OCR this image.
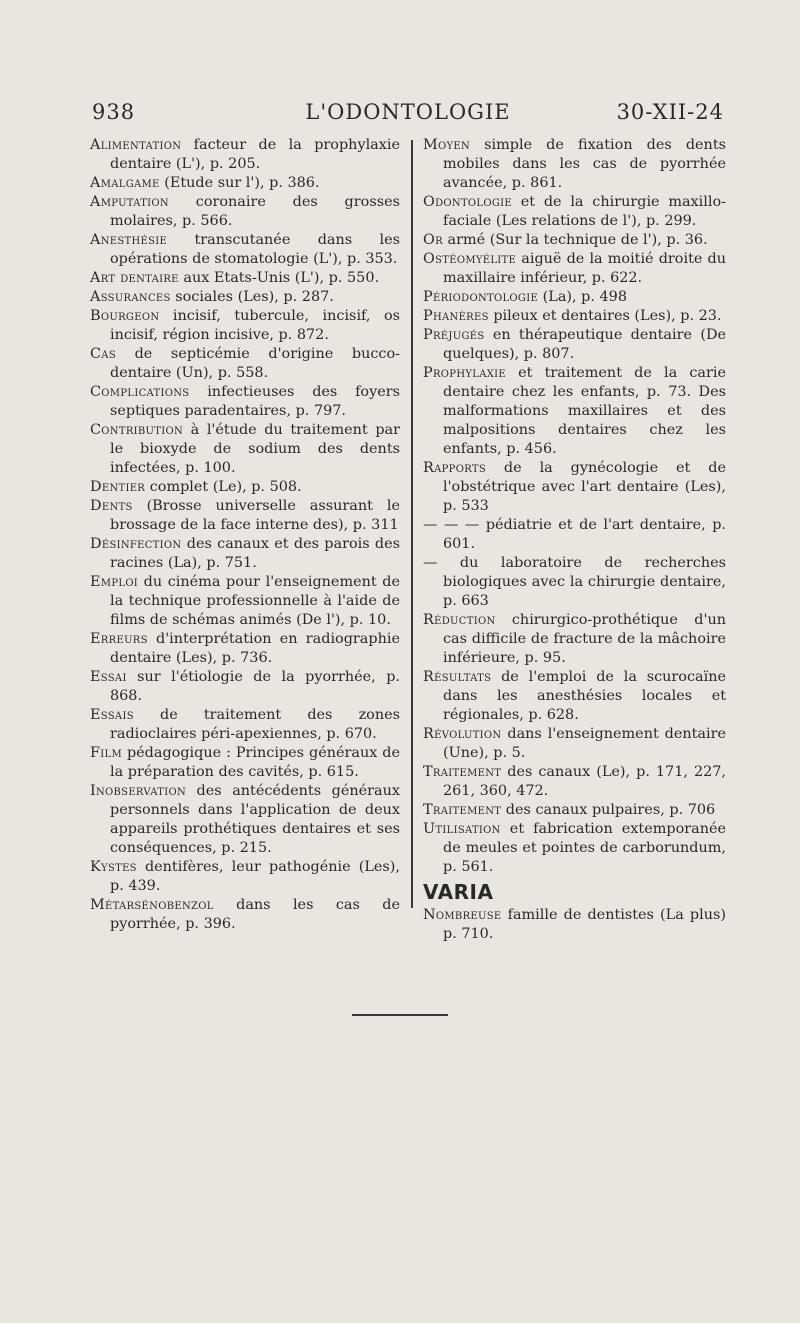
938	L'ODONTOLOGIE	30-XII-24
Alimentation facteur de la prophylaxie dentaire (L'), p. 205.
Amalgame (Etude sur l'), p. 386.
Amputation coronaire des grosses molaires, p. 566.
Anesthésie transcutanée dans les opérations de stomatologie (L'), p. 353.
Art dentaire aux Etats-Unis (L'), p. 550.
Assurances sociales (Les), p. 287.
Bourgeon incisif, tubercule, incisif, os incisif, région incisive, p. 872.
Cas de septicémie d'origine bucco-dentaire (Un), p. 558.
Complications infectieuses des foyers septiques paradentaires, p. 797.
Contribution à l'étude du traitement par le bioxyde de sodium des dents infectées, p. 100.
Dentier complet (Le), p. 508.
Dents (Brosse universelle assurant le brossage de la face interne des), p. 311
Désinfection des canaux et des parois des racines (La), p. 751.
Emploi du cinéma pour l'enseignement de la technique professionnelle à l'aide de films de schémas animés (De l'), p. 10.
Erreurs d'interprétation en radiographie dentaire (Les), p. 736.
Essai sur l'étiologie de la pyorrhée, p. 868.
Essais de traitement des zones radioclaires péri-apexiennes, p. 670.
Film pédagogique : Principes généraux de la préparation des cavités, p. 615.
Inobservation des antécédents généraux personnels dans l'application de deux appareils prothétiques dentaires et ses conséquences, p. 215.
Kystes dentifères, leur pathogénie (Les), p. 439.
Métarsénobenzol dans les cas de pyorrhée, p. 396.
Moyen simple de fixation des dents mobiles dans les cas de pyorrhée avancée, p. 861.
Odontologie et de la chirurgie maxillo-faciale (Les relations de l'), p. 299.
Or armé (Sur la technique de l'), p. 36.
Ostéomyélite aiguë de la moitié droite du maxillaire inférieur, p. 622.
Périodontologie (La), p. 498
Phanères pileux et dentaires (Les), p. 23.
Préjugés en thérapeutique dentaire (De quelques), p. 807.
Prophylaxie et traitement de la carie dentaire chez les enfants, p. 73. Des malformations maxillaires et des malpositions dentaires chez les enfants, p. 456.
Rapports de la gynécologie et de l'obstétrique avec l'art dentaire (Les), p. 533
— — — pédiatrie et de l'art dentaire, p. 601.
— du laboratoire de recherches biologiques avec la chirurgie dentaire, p. 663
Réduction chirurgico-prothétique d'un cas difficile de fracture de la mâchoire inférieure, p. 95.
Résultats de l'emploi de la scurocaïne dans les anesthésies locales et régionales, p. 628.
Révolution dans l'enseignement dentaire (Une), p. 5.
Traitement des canaux (Le), p. 171, 227, 261, 360, 472.
Traitement des canaux pulpaires, p. 706
Utilisation et fabrication extemporanée de meules et pointes de carborundum, p. 561.
VARIA
Nombreuse famille de dentistes (La plus) p. 710.
